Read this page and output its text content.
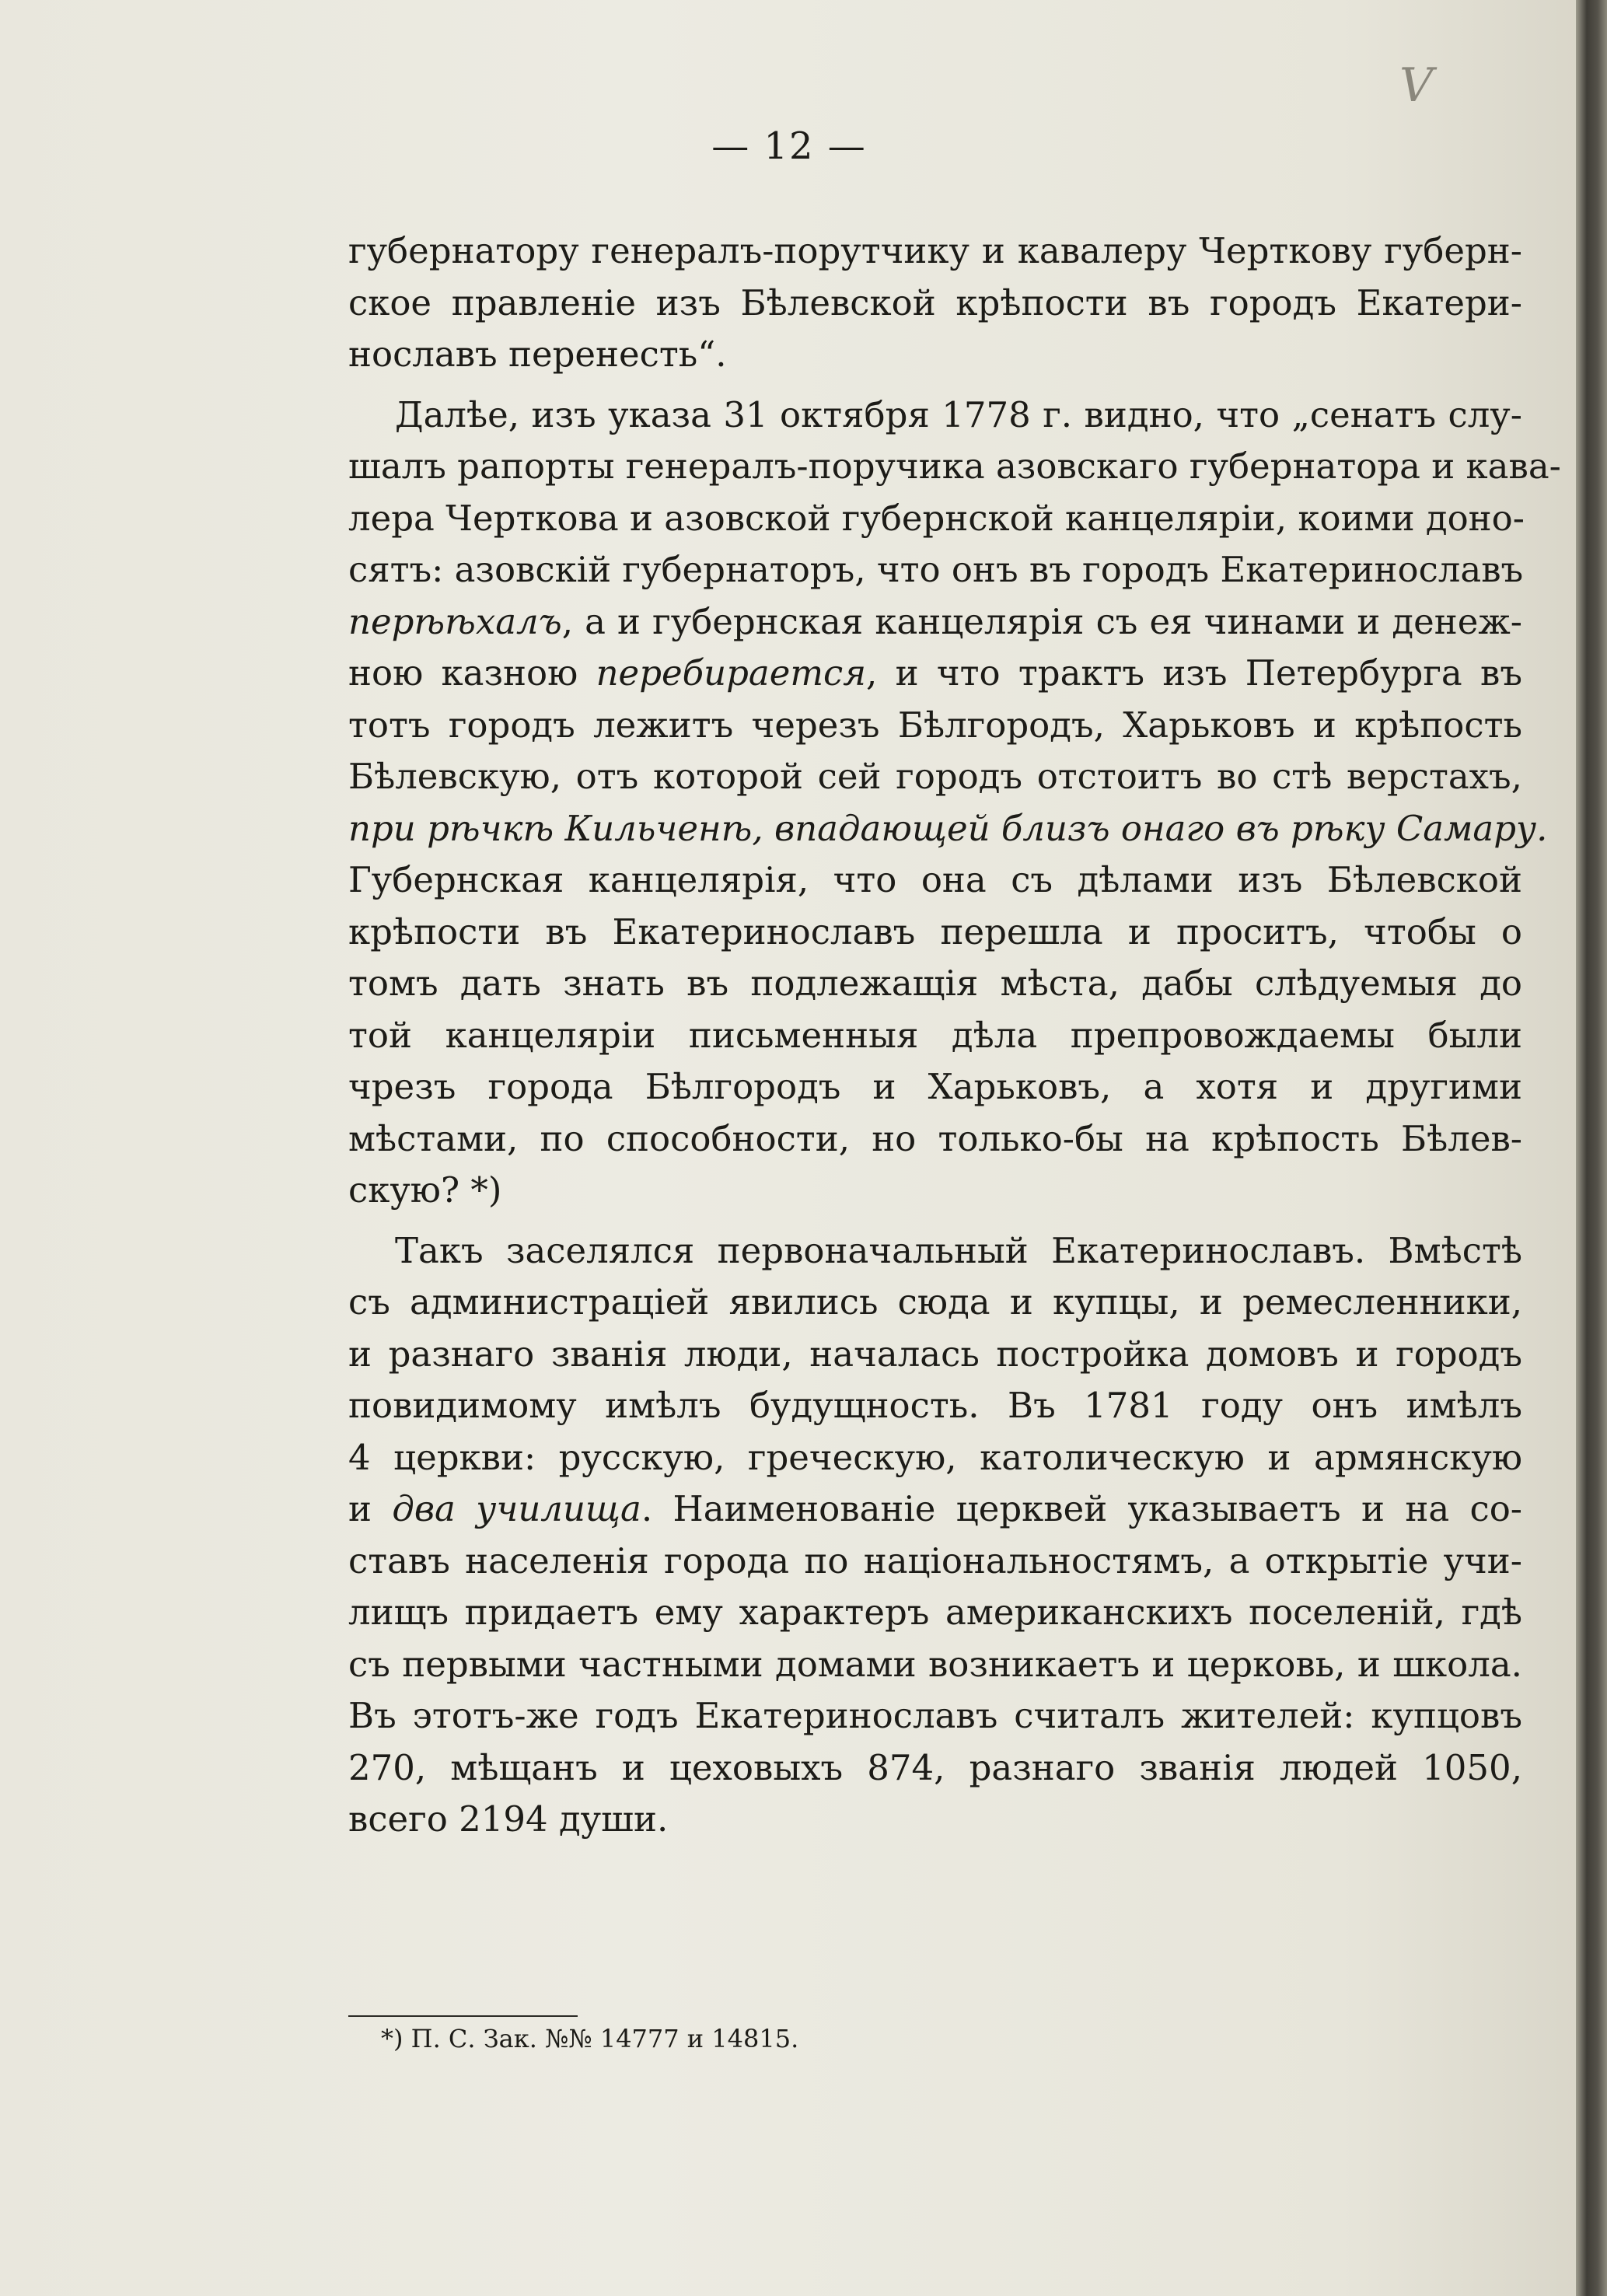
V
— 12 —
губернатору генералъ-порутчику и кавалеру Черткову губерн-
ское правленіе изъ Бѣлевской крѣпости въ городъ Екатери-
нославъ перенесть“.
Далѣе, изъ указа 31 октября 1778 г. видно, что „сенатъ слу-
шалъ рапорты генералъ-поручика азовскаго губернатора и кава-
лера Черткова и азовской губернской канцеляріи, коими доно-
сятъ: азовскій губернаторъ, что онъ въ городъ Екатеринославъ
перѣѣхалъ, а и губернская канцелярія съ ея чинами и денеж-
ною казною перебирается, и что трактъ изъ Петербурга въ
тотъ городъ лежитъ черезъ Бѣлгородъ, Харьковъ и крѣпость
Бѣлевскую, отъ которой сей городъ отстоитъ во стѣ верстахъ,
при рѣчкѣ Кильченѣ, впадающей близъ онаго въ рѣку Самару.
Губернская канцелярія, что она съ дѣлами изъ Бѣлевской
крѣпости въ Екатеринославъ перешла и проситъ, чтобы о
томъ дать знать въ подлежащія мѣста, дабы слѣдуемыя до
той канцеляріи письменныя дѣла препровождаемы были
чрезъ города Бѣлгородъ и Харьковъ, а хотя и другими
мѣстами, по способности, но только-бы на крѣпость Бѣлев-
скую? *)
Такъ заселялся первоначальный Екатеринославъ. Вмѣстѣ
съ администраціей явились сюда и купцы, и ремесленники,
и разнаго званія люди, началась постройка домовъ и городъ
повидимому имѣлъ будущность. Въ 1781 году онъ имѣлъ
4 церкви: русскую, греческую, католическую и армянскую
и два училища. Наименованіе церквей указываетъ и на со-
ставъ населенія города по національностямъ, а открытіе учи-
лищъ придаетъ ему характеръ американскихъ поселеній, гдѣ
съ первыми частными домами возникаетъ и церковь, и школа.
Въ этотъ-же годъ Екатеринославъ считалъ жителей: купцовъ
270, мѣщанъ и цеховыхъ 874, разнаго званія людей 1050,
всего 2194 души.
*) П. С. Зак. №№ 14777 и 14815.
